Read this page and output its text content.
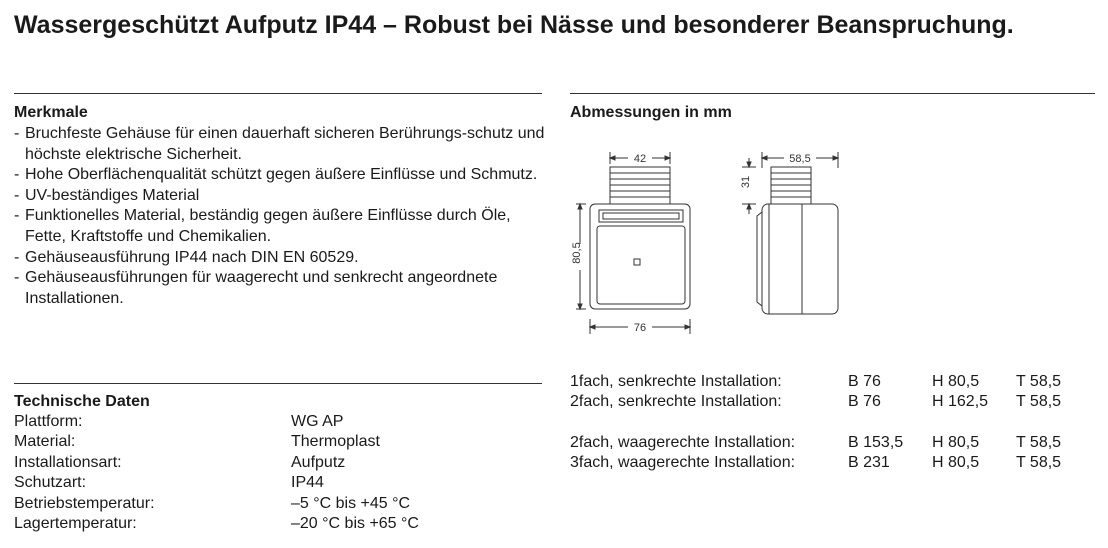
Wassergeschützt Aufputz IP44 – Robust bei Nässe und besonderer Beanspruchung.
Merkmale
- Bruchfeste Gehäuse für einen dauerhaft sicheren Berührungs-schutz und höchste elektrische Sicherheit.
- Hohe Oberflächenqualität schützt gegen äußere Einflüsse und Schmutz.
- UV-beständiges Material
- Funktionelles Material, beständig gegen äußere Einflüsse durch Öle, Fette, Kraftstoffe und Chemikalien.
- Gehäuseausführung IP44 nach DIN EN 60529.
- Gehäuseausführungen für waagerecht und senkrecht angeordnete Installationen.
Technische Daten
Plattform:	WG AP
Material:	Thermoplast
Installationsart:	Aufputz
Schutzart:	IP44
Betriebstemperatur:	–5 °C bis +45 °C
Lagertemperatur:	–20 °C bis +65 °C
Abmessungen in mm
42
80,5
76
58,5
31
1fach, senkrechte Installation:	B 76	H 80,5	T 58,5
2fach, senkrechte Installation:	B 76	H 162,5	T 58,5

2fach, waagerechte Installation:	B 153,5	H 80,5	T 58,5
3fach, waagerechte Installation:	B 231	H 80,5	T 58,5
